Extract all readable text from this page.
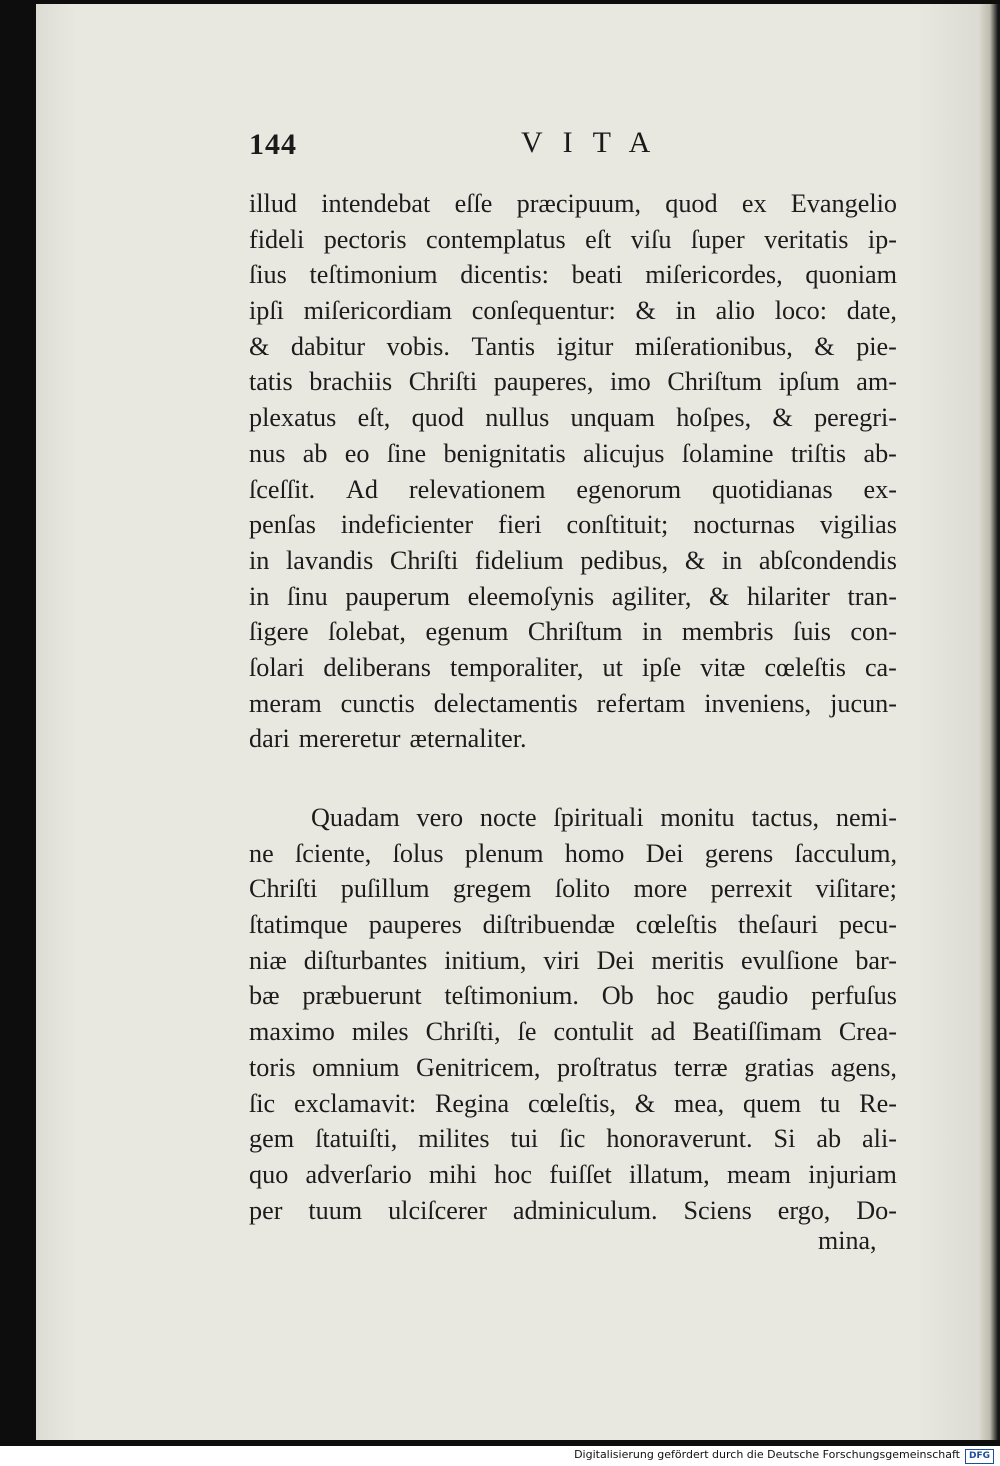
144	VITA
illud intendebat eſſe præcipuum, quod ex Evangelio
fideli pectoris contemplatus eſt viſu ſuper veritatis ip-
ſius teſtimonium dicentis: beati miſericordes, quoniam
ipſi miſericordiam conſequentur: & in alio loco: date,
& dabitur vobis. Tantis igitur miſerationibus, & pie-
tatis brachiis Chriſti pauperes, imo Chriſtum ipſum am-
plexatus eſt, quod nullus unquam hoſpes, & peregri-
nus ab eo ſine benignitatis alicujus ſolamine triſtis ab-
ſceſſit. Ad relevationem egenorum quotidianas ex-
penſas indeficienter fieri conſtituit; nocturnas vigilias
in lavandis Chriſti fidelium pedibus, & in abſcondendis
in ſinu pauperum eleemoſynis agiliter, & hilariter tran-
ſigere ſolebat, egenum Chriſtum in membris ſuis con-
ſolari deliberans temporaliter, ut ipſe vitæ cœleſtis ca-
meram cunctis delectamentis refertam inveniens, jucun-
dari mereretur æternaliter.
Quadam vero nocte ſpirituali monitu tactus, nemi-
ne ſciente, ſolus plenum homo Dei gerens ſacculum,
Chriſti puſillum gregem ſolito more perrexit viſitare;
ſtatimque pauperes diſtribuendæ cœleſtis theſauri pecu-
niæ diſturbantes initium, viri Dei meritis evulſione bar-
bæ præbuerunt teſtimonium. Ob hoc gaudio perfuſus
maximo miles Chriſti, ſe contulit ad Beatiſſimam Crea-
toris omnium Genitricem, proſtratus terræ gratias agens,
ſic exclamavit: Regina cœleſtis, & mea, quem tu Re-
gem ſtatuiſti, milites tui ſic honoraverunt. Si ab ali-
quo adverſario mihi hoc fuiſſet illatum, meam injuriam
per tuum ulciſcerer adminiculum. Sciens ergo, Do-
mina,
Digitalisierung gefördert durch die Deutsche Forschungsgemeinschaft DFG
